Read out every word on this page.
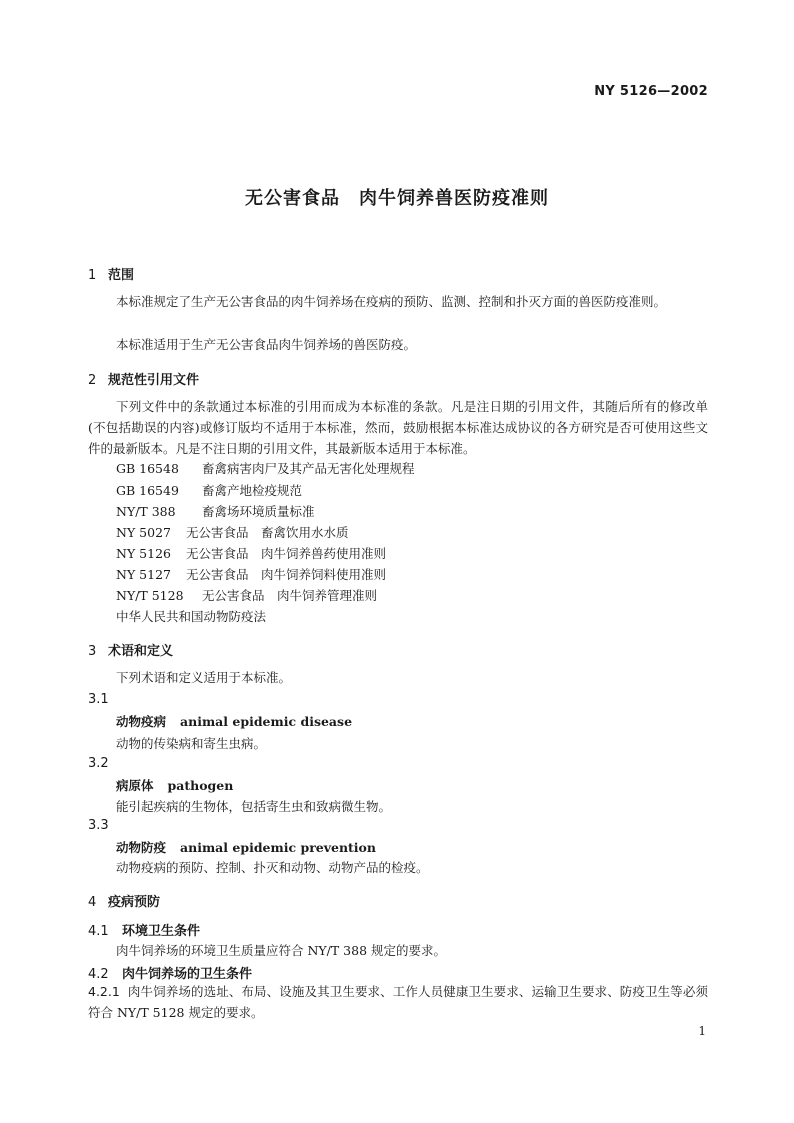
NY 5126—2002
无公害食品　肉牛饲养兽医防疫准则
1 范围
本标准规定了生产无公害食品的肉牛饲养场在疫病的预防、监测、控制和扑灭方面的兽医防疫准则。
本标准适用于生产无公害食品肉牛饲养场的兽医防疫。
2 规范性引用文件
下列文件中的条款通过本标准的引用而成为本标准的条款。凡是注日期的引用文件，其随后所有的修改单(不包括勘误的内容)或修订版均不适用于本标准，然而，鼓励根据本标准达成协议的各方研究是否可使用这些文件的最新版本。凡是不注日期的引用文件，其最新版本适用于本标准。
GB 16548 畜禽病害肉尸及其产品无害化处理规程
GB 16549 畜禽产地检疫规范
NY/T 388 畜禽场环境质量标准
NY 5027 无公害食品　畜禽饮用水水质
NY 5126 无公害食品　肉牛饲养兽药使用准则
NY 5127 无公害食品　肉牛饲养饲料使用准则
NY/T 5128 无公害食品　肉牛饲养管理准则
中华人民共和国动物防疫法
3 术语和定义
下列术语和定义适用于本标准。
3.1
动物疫病 animal epidemic disease
动物的传染病和寄生虫病。
3.2
病原体 pathogen
能引起疾病的生物体，包括寄生虫和致病微生物。
3.3
动物防疫 animal epidemic prevention
动物疫病的预防、控制、扑灭和动物、动物产品的检疫。
4 疫病预防
4.1 环境卫生条件
肉牛饲养场的环境卫生质量应符合 NY/T 388 规定的要求。
4.2 肉牛饲养场的卫生条件
4.2.1 肉牛饲养场的选址、布局、设施及其卫生要求、工作人员健康卫生要求、运输卫生要求、防疫卫生等必须符合 NY/T 5128 规定的要求。
1
